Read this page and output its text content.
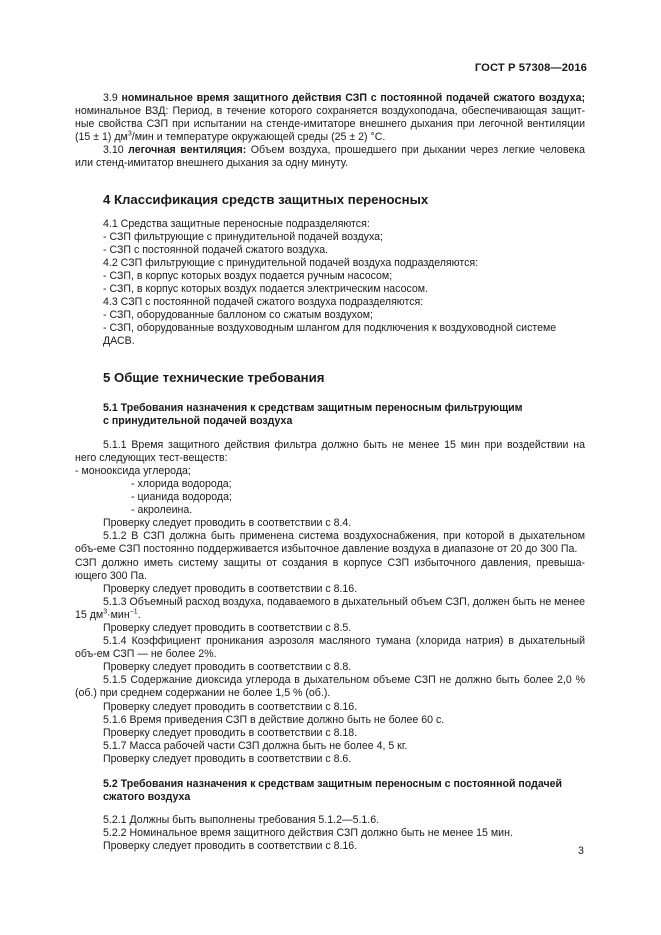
ГОСТ Р 57308—2016

3.9 номинальное время защитного действия СЗП с постоянной подачей сжатого воздуха; номинальное ВЗД: Период, в течение которого сохраняется воздухоподача, обеспечивающая защит-ные свойства СЗП при испытании на стенде-имитаторе внешнего дыхания при легочной вентиляции (15 ± 1) $дм^3$/мин и температуре окружающей среды (25 ± 2) °С.

3.10 легочная вентиляция: Объем воздуха, прошедшего при дыхании через легкие человека или стенд-имитатор внешнего дыхания за одну минуту.

4 Классификация средств защитных переносных

4.1 Средства защитные переносные подразделяются:

- СЗП фильтрующие с принудительной подачей воздуха;

- СЗП с постоянной подачей сжатого воздуха.

4.2 СЗП фильтрующие с принудительной подачей воздуха подразделяются:

- СЗП, в корпус которых воздух подается ручным насосом;

- СЗП, в корпус которых воздух подается электрическим насосом.

4.3 СЗП с постоянной подачей сжатого воздуха подразделяются:

- СЗП, оборудованные баллоном со сжатым воздухом;

- СЗП, оборудованные воздуховодным шлангом для подключения к воздуховодной системе ДАСВ.

5 Общие технические требования
5.1 Требования назначения к средствам защитным переносным фильтрующим
с принудительной подачей воздуха

5.1.1 Время защитного действия фильтра должно быть не менее 15 мин при воздействии на него следующих тест-веществ:

- монооксида углерода;

- хлорида водорода;

- цианида водорода;

- акролеина.

Проверку следует проводить в соответствии с 8.4.

5.1.2 В СЗП должна быть применена система воздухоснабжения, при которой в дыхательном объ-еме СЗП постоянно поддерживается избыточное давление воздуха в диапазоне от 20 до 300 Па.

СЗП должно иметь систему защиты от создания в корпусе СЗП избыточного давления, превыша-ющего 300 Па.

Проверку следует проводить в соответствии с 8.16.

5.1.3 Объемный расход воздуха, подаваемого в дыхательный объем СЗП, должен быть не менее 15 $дм^3\cdot мин^{-1}$.

Проверку следует проводить в соответствии с 8.5.

5.1.4 Коэффициент проникания аэрозоля масляного тумана (хлорида натрия) в дыхательный объ-ем СЗП — не более 2%.

Проверку следует проводить в соответствии с 8.8.

5.1.5 Содержание диоксида углерода в дыхательном объеме СЗП не должно быть более 2,0 % (об.) при среднем содержании не более 1,5 % (об.).

Проверку следует проводить в соответствии с 8.16.

5.1.6 Время приведения СЗП в действие должно быть не более 60 с.

Проверку следует проводить в соответствии с 8.18.

5.1.7 Масса рабочей части СЗП должна быть не более 4, 5 кг.

Проверку следует проводить в соответствии с 8.6.

5.2 Требования назначения к средствам защитным переносным с постоянной подачей
сжатого воздуха

5.2.1 Должны быть выполнены требования 5.1.2—5.1.6.

5.2.2 Номинальное время защитного действия СЗП должно быть не менее 15 мин.

Проверку следует проводить в соответствии с 8.16.	3
